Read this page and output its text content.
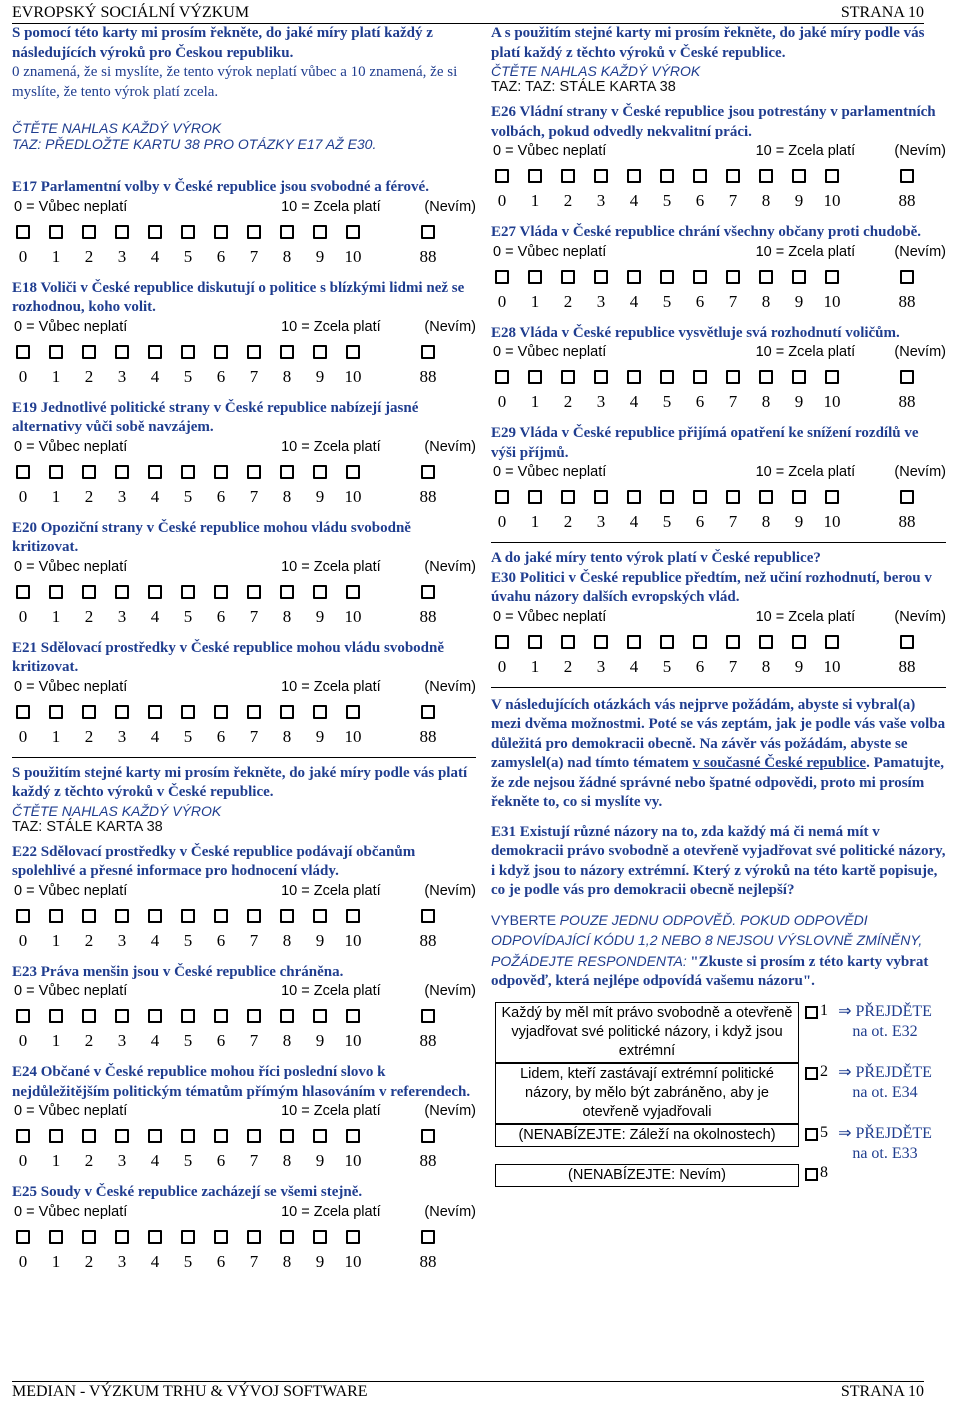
EVROPSKÝ SOCIÁLNÍ VÝZKUM	STRANA 10
S pomocí této karty mi prosím řekněte, do jaké míry platí každý z následujících výroků pro Českou republiku.
0 znamená, že si myslíte, že tento výrok neplatí vůbec a 10 znamená, že si myslíte, že tento výrok platí zcela.
ČTĚTE NAHLAS KAŽDÝ VÝROK
TAZ: PŘEDLOŽTE KARTU 38 PRO OTÁZKY E17 AŽ E30.
E17 Parlamentní volby v České republice jsou svobodné a férové.
0 = Vůbec neplatí	10 = Zcela platí	(Nevím)
0	1	2	3	4	5	6	7	8	9	10	88
E18 Voliči v České republice diskutují o politice s blízkými lidmi než se rozhodnou, koho volit.
0 = Vůbec neplatí	10 = Zcela platí	(Nevím)
0	1	2	3	4	5	6	7	8	9	10	88
E19 Jednotlivé politické strany v České republice nabízejí jasné alternativy vůči sobě navzájem.
0 = Vůbec neplatí	10 = Zcela platí	(Nevím)
0	1	2	3	4	5	6	7	8	9	10	88
E20 Opoziční strany v České republice mohou vládu svobodně kritizovat.
0 = Vůbec neplatí	10 = Zcela platí	(Nevím)
0	1	2	3	4	5	6	7	8	9	10	88
E21 Sdělovací prostředky v České republice mohou vládu svobodně kritizovat.
0 = Vůbec neplatí	10 = Zcela platí	(Nevím)
0	1	2	3	4	5	6	7	8	9	10	88
S použitím stejné karty mi prosím řekněte, do jaké míry podle vás platí každý z těchto výroků v České republice.
ČTĚTE NAHLAS KAŽDÝ VÝROK
TAZ: STÁLE KARTA 38
E22 Sdělovací prostředky v České republice podávají občanům spolehlivé a přesné informace pro hodnocení vlády.
0 = Vůbec neplatí	10 = Zcela platí	(Nevím)
0	1	2	3	4	5	6	7	8	9	10	88
E23 Práva menšin jsou v České republice chráněna.
0 = Vůbec neplatí	10 = Zcela platí	(Nevím)
0	1	2	3	4	5	6	7	8	9	10	88
E24 Občané v České republice mohou říci poslední slovo k nejdůležitějším politickým tématům přímým hlasováním v referendech.
0 = Vůbec neplatí	10 = Zcela platí	(Nevím)
0	1	2	3	4	5	6	7	8	9	10	88
E25 Soudy v České republice zacházejí se všemi stejně.
0 = Vůbec neplatí	10 = Zcela platí	(Nevím)
0	1	2	3	4	5	6	7	8	9	10	88
A s použitím stejné karty mi prosím řekněte, do jaké míry podle vás platí každý z těchto výroků v České republice.
ČTĚTE NAHLAS KAŽDÝ VÝROK
TAZ: TAZ: STÁLE KARTA 38
E26 Vládní strany v České republice jsou potrestány v parlamentních volbách, pokud odvedly nekvalitní práci.
0 = Vůbec neplatí	10 = Zcela platí	(Nevím)
0	1	2	3	4	5	6	7	8	9	10	88
E27 Vláda v České republice chrání všechny občany proti chudobě.
0 = Vůbec neplatí	10 = Zcela platí	(Nevím)
0	1	2	3	4	5	6	7	8	9	10	88
E28 Vláda v České republice vysvětluje svá rozhodnutí voličům.
0 = Vůbec neplatí	10 = Zcela platí	(Nevím)
0	1	2	3	4	5	6	7	8	9	10	88
E29 Vláda v České republice přijímá opatření ke snížení rozdílů ve výši příjmů.
0 = Vůbec neplatí	10 = Zcela platí	(Nevím)
0	1	2	3	4	5	6	7	8	9	10	88
A do jaké míry tento výrok platí v České republice?
E30 Politici v České republice předtím, než učiní rozhodnutí, berou v úvahu názory dalších evropských vlád.
0 = Vůbec neplatí	10 = Zcela platí	(Nevím)
0	1	2	3	4	5	6	7	8	9	10	88
V následujících otázkách vás nejprve požádám, abyste si vybral(a) mezi dvěma možnostmi. Poté se vás zeptám, jak je podle vás vaše volba důležitá pro demokracii obecně. Na závěr vás požádám, abyste se zamyslel(a) nad tímto tématem v současné České republice. Pamatujte, že zde nejsou žádné správné nebo špatné odpovědi, proto mi prosím řekněte to, co si myslíte vy.
E31 Existují různé názory na to, zda každý má či nemá mít v demokracii právo svobodně a otevřeně vyjadřovat své politické názory, i když jsou to názory extrémní. Který z výroků na této kartě popisuje, co je podle vás pro demokracii obecně nejlepší?
VYBERTE POUZE JEDNU ODPOVĚĎ. POKUD ODPOVĚDI ODPOVÍDAJÍCÍ KÓDU 1,2 NEBO 8 NEJSOU VÝSLOVNĚ ZMÍNĚNY, POŽÁDEJTE RESPONDENTA: "Zkuste si prosím z této karty vybrat odpověď, která nejlépe odpovídá vašemu názoru".
Každý by měl mít právo svobodně a otevřeně vyjadřovat své politické názory, i když jsou extrémní
1 ⇒ PŘEJDĚTE
na ot. E32
Lidem, kteří zastávají extrémní politické názory, by mělo být zabráněno, aby je otevřeně vyjadřovali
2 ⇒ PŘEJDĚTE
na ot. E34
(NENABÍZEJTE: Záleží na okolnostech)	5 ⇒ PŘEJDĚTE
na ot. E33
(NENABÍZEJTE: Nevím)	8
MEDIAN - VÝZKUM TRHU & VÝVOJ SOFTWARE	STRANA 10
